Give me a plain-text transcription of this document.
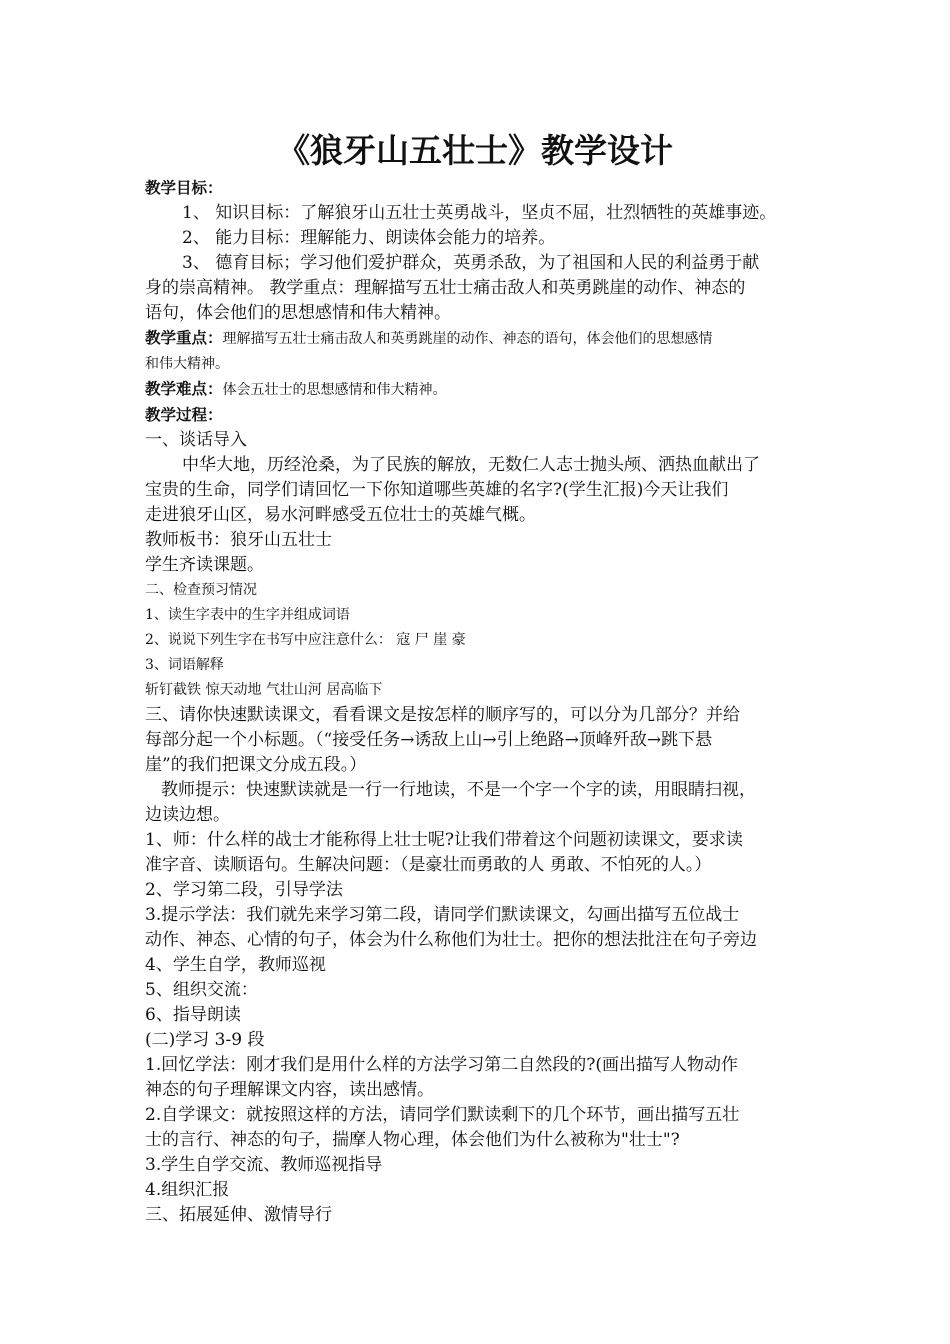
《狼牙山五壮士》教学设计
教学目标：
1、 知识目标：了解狼牙山五壮士英勇战斗，坚贞不屈，壮烈牺牲的英雄事迹。
2、 能力目标：理解能力、朗读体会能力的培养。
3、 德育目标；学习他们爱护群众，英勇杀敌，为了祖国和人民的利益勇于献
身的崇高精神。 教学重点：理解描写五壮士痛击敌人和英勇跳崖的动作、神态的
语句，体会他们的思想感情和伟大精神。
教学重点：理解描写五壮士痛击敌人和英勇跳崖的动作、神态的语句，体会他们的思想感情
和伟大精神。
教学难点：体会五壮士的思想感情和伟大精神。
教学过程：
一、谈话导入
中华大地，历经沧桑，为了民族的解放，无数仁人志士抛头颅、洒热血献出了
宝贵的生命，同学们请回忆一下你知道哪些英雄的名字?(学生汇报)今天让我们
走进狼牙山区，易水河畔感受五位壮士的英雄气概。
教师板书：狼牙山五壮士
学生齐读课题。
二、检查预习情况
1、读生字表中的生字并组成词语
2、说说下列生字在书写中应注意什么： 寇 尸 崖 豪
3、词语解释
斩钉截铁 惊天动地 气壮山河 居高临下
三、请你快速默读课文，看看课文是按怎样的顺序写的，可以分为几部分？并给
每部分起一个小标题。（“接受任务→诱敌上山→引上绝路→顶峰歼敌→跳下悬
崖”的我们把课文分成五段。）
教师提示：快速默读就是一行一行地读，不是一个字一个字的读，用眼睛扫视，
边读边想。
1、师：什么样的战士才能称得上壮士呢?让我们带着这个问题初读课文，要求读
准字音、读顺语句。生解决问题：（是豪壮而勇敢的人 勇敢、不怕死的人。）
2、学习第二段，引导学法
3.提示学法：我们就先来学习第二段，请同学们默读课文，勾画出描写五位战士
动作、神态、心情的句子，体会为什么称他们为壮士。把你的想法批注在句子旁边
4、学生自学，教师巡视
5、组织交流：
6、指导朗读
(二)学习 3-9 段
1.回忆学法：刚才我们是用什么样的方法学习第二自然段的?(画出描写人物动作
神态的句子理解课文内容，读出感情。
2.自学课文：就按照这样的方法，请同学们默读剩下的几个环节，画出描写五壮
士的言行、神态的句子，揣摩人物心理，体会他们为什么被称为"壮士"?
3.学生自学交流、教师巡视指导
4.组织汇报
三、拓展延伸、激情导行
